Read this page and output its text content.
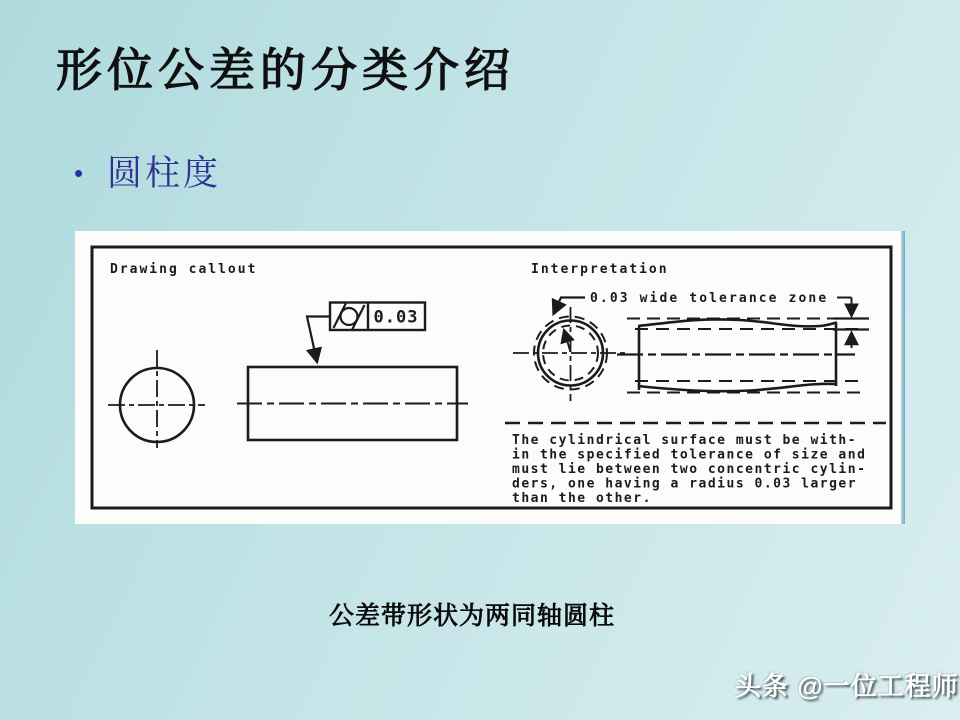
形位公差的分类介绍
• 圆柱度
Drawing callout	Interpretation
0.03
0.03 wide tolerance zone
The cylindrical surface must be with-
in the specified tolerance of size and
must lie between two concentric cylin-
ders, one having a radius 0.03 larger
than the other.
公差带形状为两同轴圆柱
头条 @一位工程师
